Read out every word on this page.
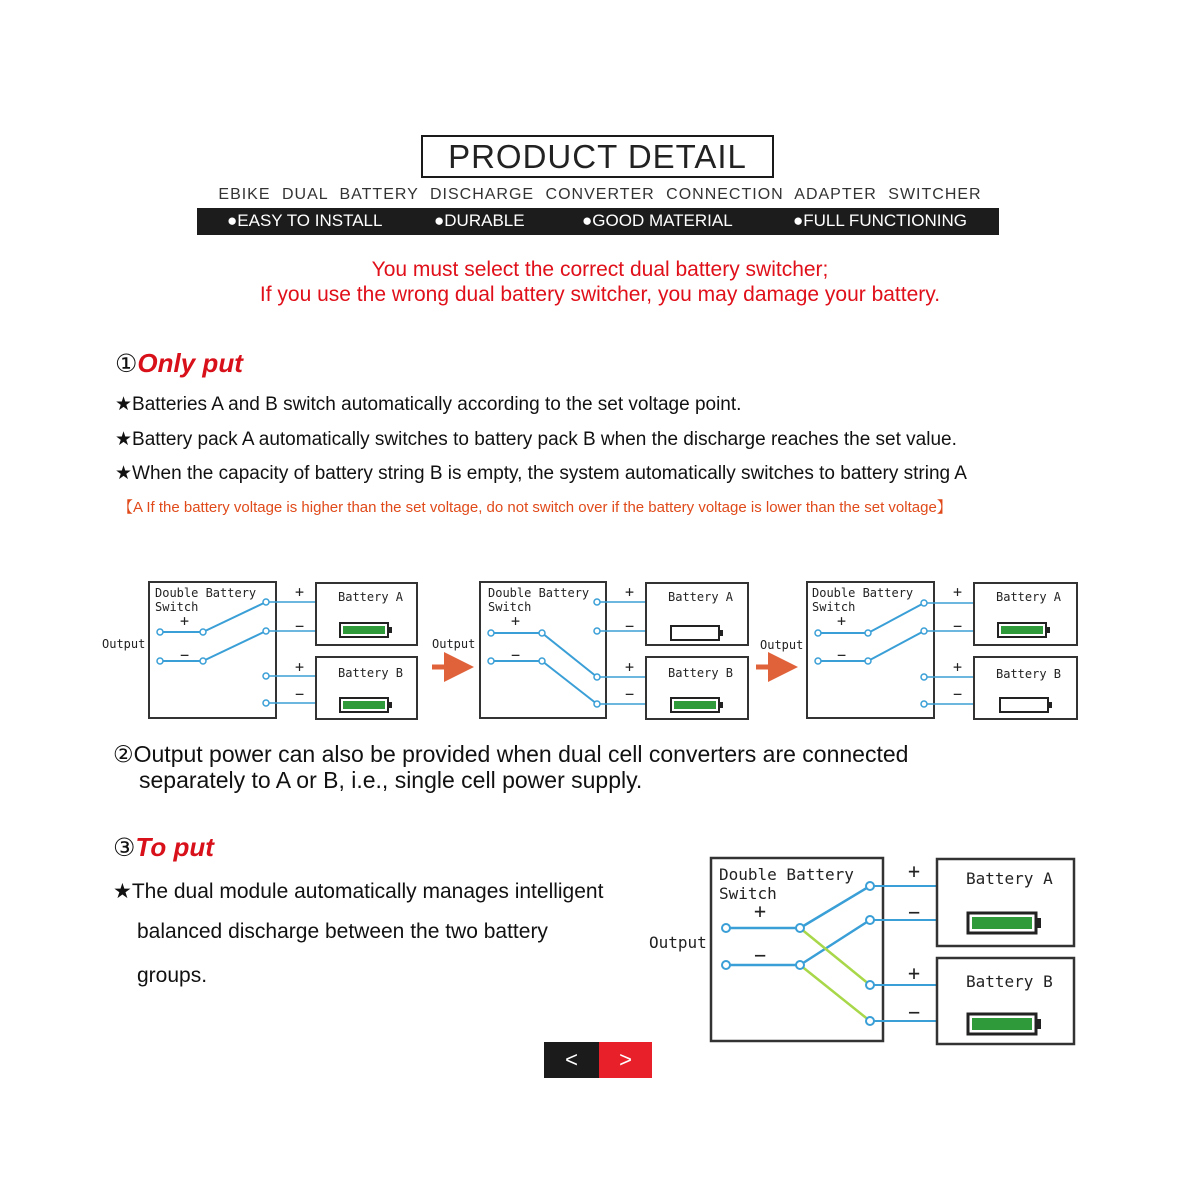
PRODUCT DETAIL
EBIKE DUAL BATTERY DISCHARGE CONVERTER CONNECTION ADAPTER SWITCHER
●EASY TO INSTALL	●DURABLE	●GOOD MATERIAL	●FULL FUNCTIONING
You must select the correct dual battery switcher;
If you use the wrong dual battery switcher, you may damage your battery.
①Only put
★Batteries A and B switch automatically according to the set voltage point.
★Battery pack A automatically switches to battery pack B when the discharge reaches the set value.
★When the capacity of battery string B is empty, the system automatically switches to battery string A
【A If the battery voltage is higher than the set voltage, do not switch over if the battery voltage is lower than the set voltage】
Double Battery
Switch
+
−
Output
+
−
+
−
Battery A
Battery B
Output
Double Battery
Switch
+
−
+
−
+
−
Battery A
Battery B
Output
Double Battery
Switch
+
−
+
−
+
−
Battery A
Battery B
Double Battery
Switch
+
−
Output
+
−
+
−
Battery A
Battery B
②Output power can also be provided when dual cell converters are connected
separately to A or B, i.e., single cell power supply.
③To put
★The dual module automatically manages intelligent
balanced discharge between the two battery
groups.
<	>
